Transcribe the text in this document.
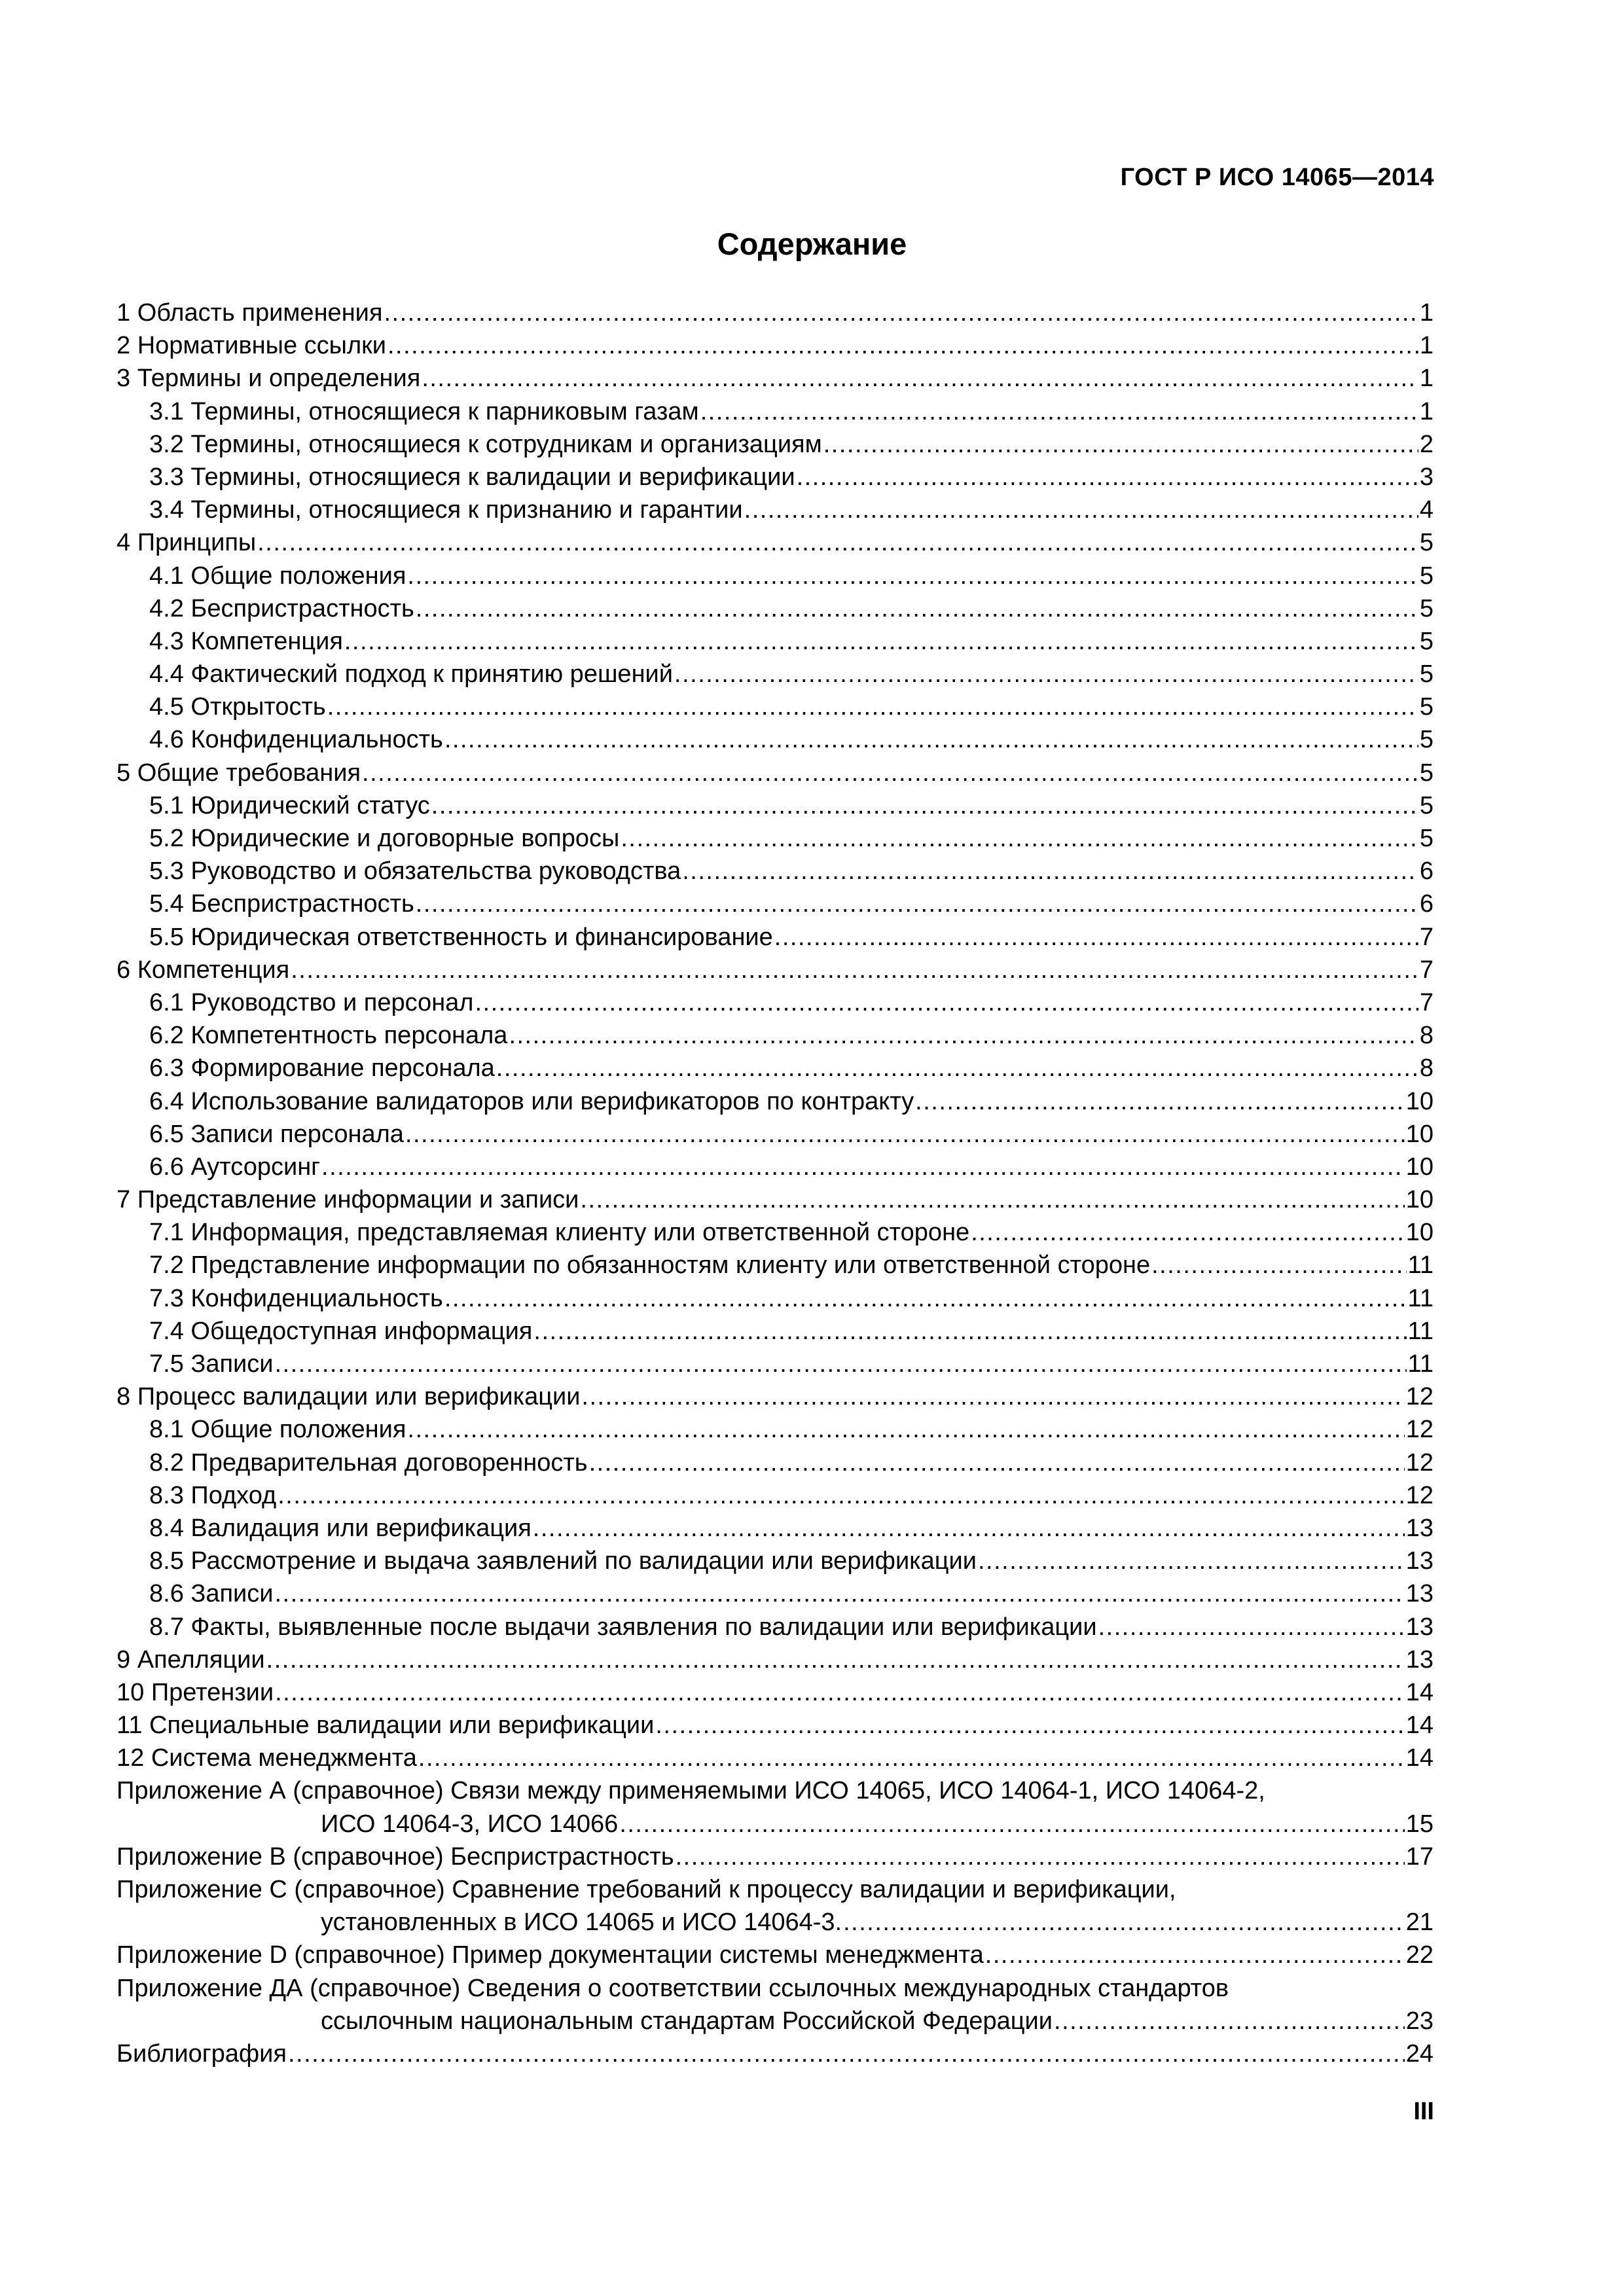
ГОСТ Р ИСО 14065—2014
Содержание
1 Область применения .....	1
2 Нормативные ссылки .....	1
3 Термины и определения .....	1
3.1 Термины, относящиеся к парниковым газам .....	1
3.2 Термины, относящиеся к сотрудникам и организациям .....	2
3.3 Термины, относящиеся к валидации и верификации .....	3
3.4 Термины, относящиеся к признанию и гарантии .....	4
4 Принципы .....	5
4.1 Общие положения .....	5
4.2 Беспристрастность .....	5
4.3 Компетенция .....	5
4.4 Фактический подход к принятию решений .....	5
4.5 Открытость .....	5
4.6 Конфиденциальность .....	5
5 Общие требования .....	5
5.1 Юридический статус .....	5
5.2 Юридические и договорные вопросы .....	5
5.3 Руководство и обязательства руководства .....	6
5.4 Беспристрастность .....	6
5.5 Юридическая ответственность и финансирование .....	7
6 Компетенция .....	7
6.1 Руководство и персонал .....	7
6.2 Компетентность персонала .....	8
6.3 Формирование персонала .....	8
6.4 Использование валидаторов или верификаторов по контракту .....	10
6.5 Записи персонала .....	10
6.6 Аутсорсинг .....	10
7 Представление информации и записи .....	10
7.1 Информация, представляемая клиенту или ответственной стороне .....	10
7.2 Представление информации по обязанностям клиенту или ответственной стороне .....	11
7.3 Конфиденциальность .....	11
7.4 Общедоступная информация .....	11
7.5 Записи .....	11
8 Процесс валидации или верификации .....	12
8.1 Общие положения .....	12
8.2 Предварительная договоренность .....	12
8.3 Подход .....	12
8.4 Валидация или верификация .....	13
8.5 Рассмотрение и выдача заявлений по валидации или верификации .....	13
8.6 Записи .....	13
8.7 Факты, выявленные после выдачи заявления по валидации или верификации .....	13
9 Апелляции .....	13
10 Претензии .....	14
11 Специальные валидации или верификации .....	14
12 Система менеджмента .....	14
Приложение А (справочное) Связи между применяемыми ИСО 14065, ИСО 14064-1, ИСО 14064-2,
ИСО 14064-3, ИСО 14066 .....	15
Приложение В (справочное) Беспристрастность .....	17
Приложение С (справочное) Сравнение требований к процессу валидации и верификации,
установленных в ИСО 14065 и ИСО 14064-3. .....	21
Приложение D (справочное) Пример документации системы менеджмента .....	22
Приложение ДА (справочное) Сведения о соответствии ссылочных международных стандартов
ссылочным национальным стандартам Российской Федерации .....	23
Библиография .....	24
III
